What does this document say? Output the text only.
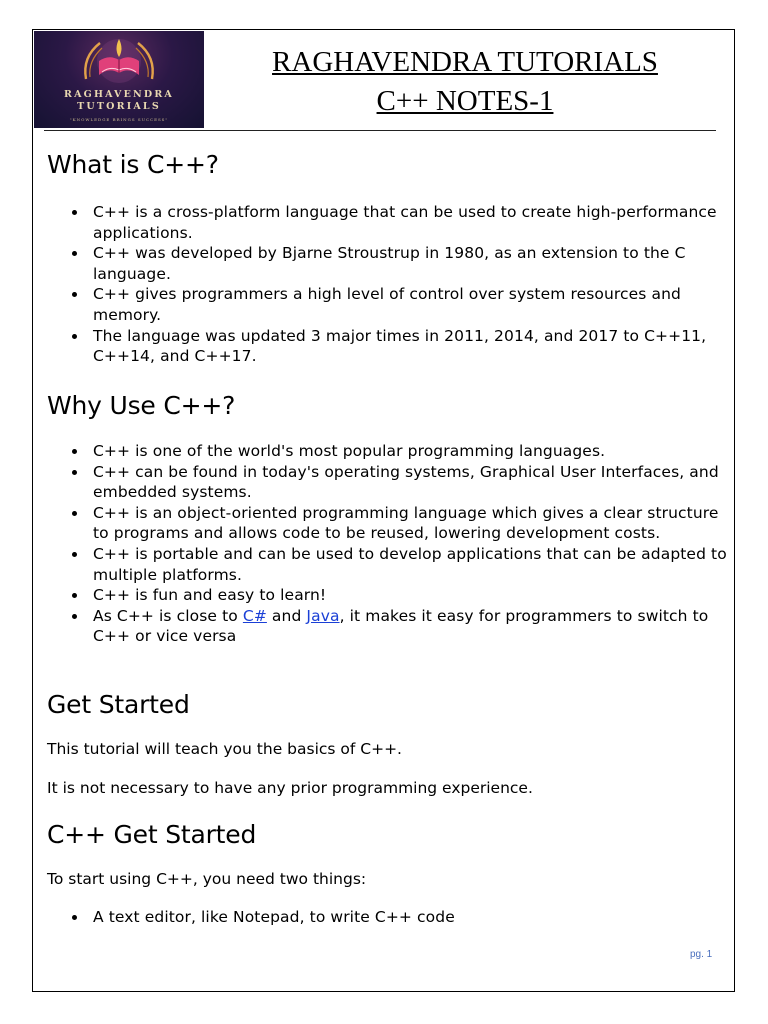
RAGHAVENDRA
TUTORIALS
"KNOWLEDGE BRINGS SUCCESS"
RAGHAVENDRA TUTORIALS
C++ NOTES-1
What is C++?
C++ is a cross-platform language that can be used to create high-performance applications.
C++ was developed by Bjarne Stroustrup in 1980, as an extension to the C language.
C++ gives programmers a high level of control over system resources and memory.
The language was updated 3 major times in 2011, 2014, and 2017 to C++11, C++14, and C++17.
Why Use C++?
C++ is one of the world's most popular programming languages.
C++ can be found in today's operating systems, Graphical User Interfaces, and embedded systems.
C++ is an object-oriented programming language which gives a clear structure to programs and allows code to be reused, lowering development costs.
C++ is portable and can be used to develop applications that can be adapted to multiple platforms.
C++ is fun and easy to learn!
As C++ is close to C# and Java, it makes it easy for programmers to switch to C++ or vice versa
Get Started

This tutorial will teach you the basics of C++.

It is not necessary to have any prior programming experience.

C++ Get Started

To start using C++, you need two things:

A text editor, like Notepad, to write C++ code
pg. 1
